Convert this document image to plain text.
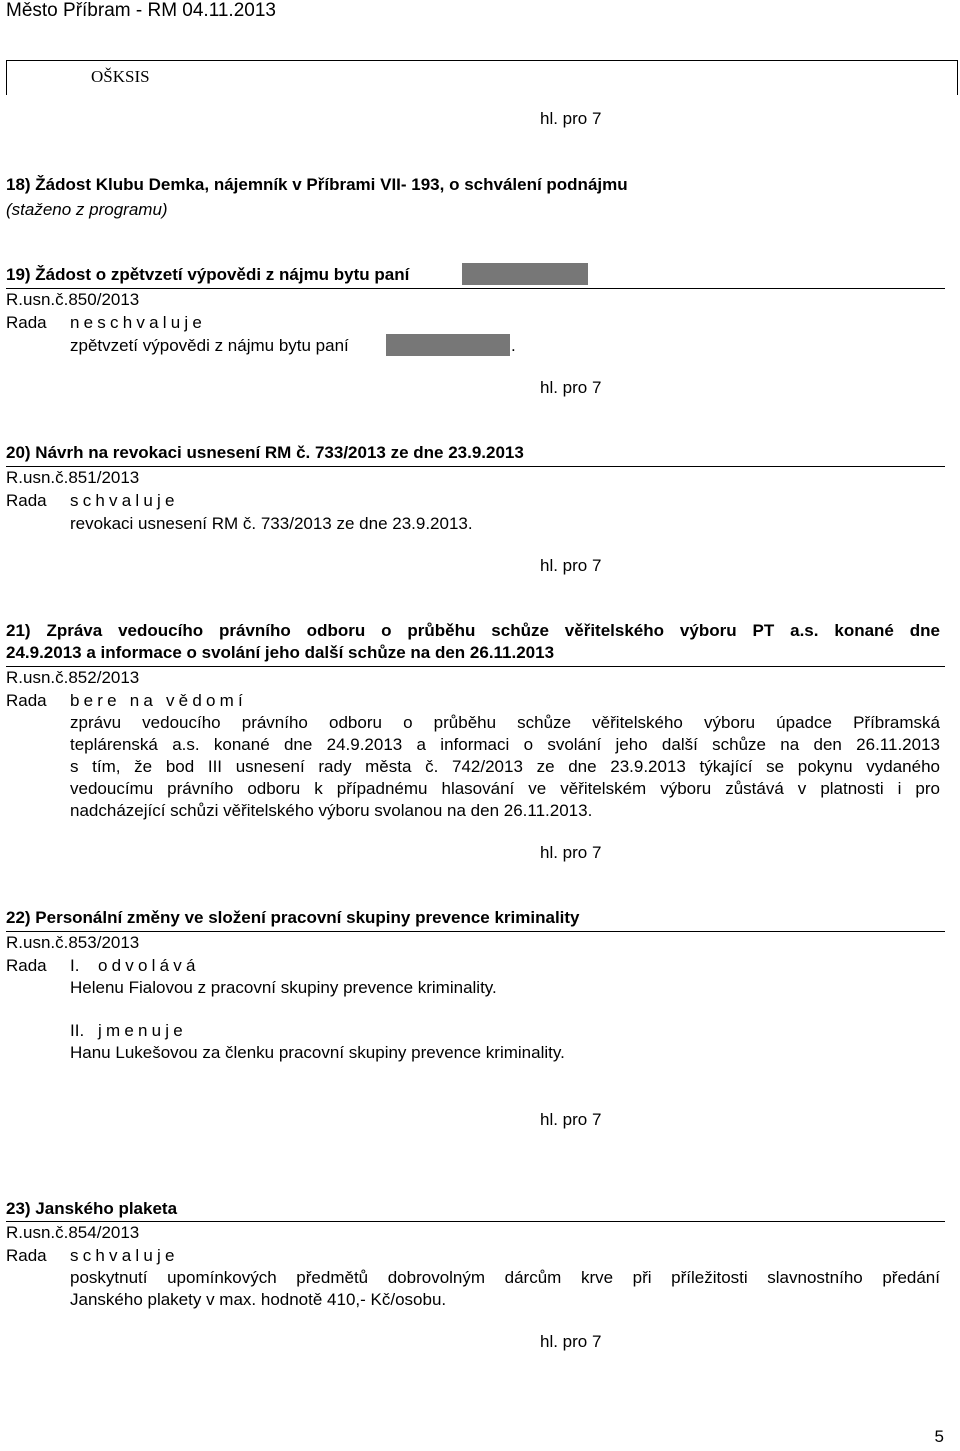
Město Příbram - RM 04.11.2013
OŠKSIS
hl. pro 7
18) Žádost Klubu Demka, nájemník v Příbrami VII- 193, o schválení podnájmu
(staženo z programu)
19) Žádost o zpětvzetí výpovědi z nájmu bytu paní
R.usn.č.850/2013
Rada neschvaluje
zpětvzetí výpovědi z nájmu bytu paní	.
hl. pro 7
20) Návrh na revokaci usnesení RM č. 733/2013 ze dne 23.9.2013
R.usn.č.851/2013
Rada schvaluje
revokaci usnesení RM č. 733/2013 ze dne 23.9.2013.
hl. pro 7
21) Zpráva vedoucího právního odboru o průběhu schůze věřitelského výboru PT a.s. konané dne
24.9.2013 a informace o svolání jeho další schůze na den 26.11.2013
R.usn.č.852/2013
Rada bere na vědomí
zprávu vedoucího právního odboru o průběhu schůze věřitelského výboru úpadce Příbramská
teplárenská a.s. konané dne 24.9.2013 a informaci o svolání jeho další schůze na den 26.11.2013
s tím, že bod III usnesení rady města č. 742/2013 ze dne 23.9.2013 týkající se pokynu vydaného
vedoucímu právního odboru k případnému hlasování ve věřitelském výboru zůstává v platnosti i pro
nadcházející schůzi věřitelského výboru svolanou na den 26.11.2013.
hl. pro 7
22) Personální změny ve složení pracovní skupiny prevence kriminality
R.usn.č.853/2013
Rada I. odvolává
Helenu Fialovou z pracovní skupiny prevence kriminality.
II. jmenuje
Hanu Lukešovou za členku pracovní skupiny prevence kriminality.
hl. pro 7
23) Janského plaketa
R.usn.č.854/2013
Rada schvaluje
poskytnutí upomínkových předmětů dobrovolným dárcům krve při příležitosti slavnostního předání
Janského plakety v max. hodnotě 410,- Kč/osobu.
hl. pro 7
5
